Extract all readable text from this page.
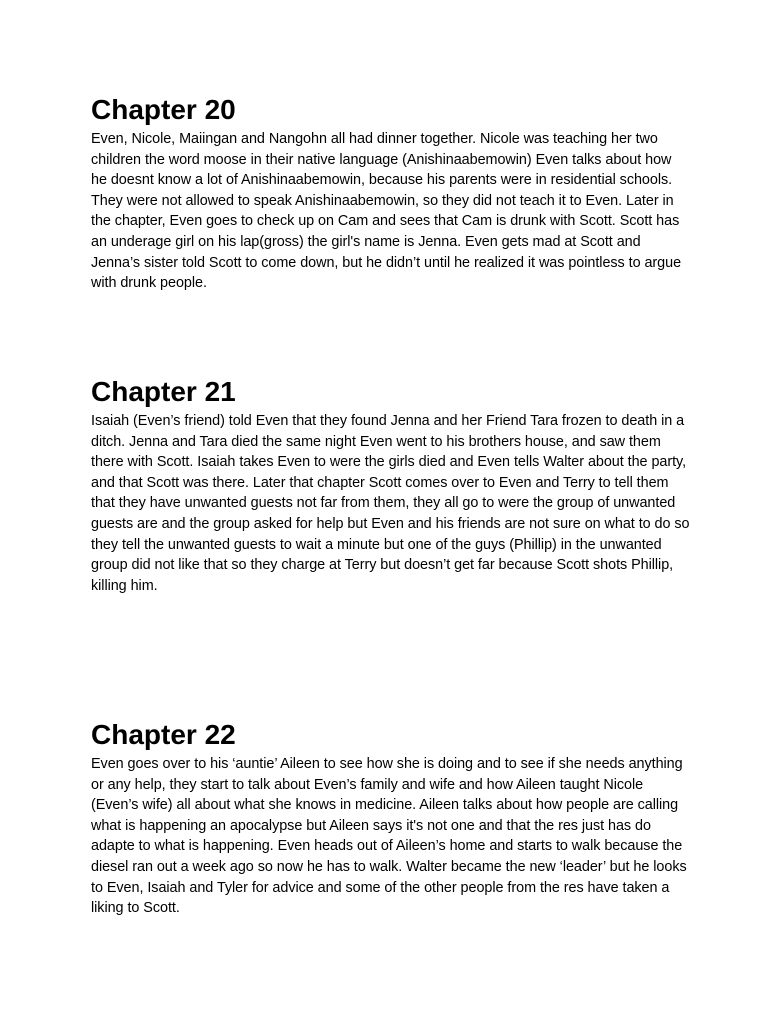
Chapter 20

Even, Nicole, Maiingan and Nangohn all had dinner together. Nicole was teaching her two children the word moose in their native language (Anishinaabemowin) Even talks about how he doesnt know a lot of Anishinaabemowin, because his parents were in residential schools. They were not allowed to speak Anishinaabemowin, so they did not teach it to Even. Later in the chapter, Even goes to check up on Cam and sees that Cam is drunk with Scott. Scott has an underage girl on his lap(gross) the girl's name is Jenna. Even gets mad at Scott and Jenna’s sister told Scott to come down, but he didn’t until he realized it was pointless to argue with drunk people.

Chapter 21

Isaiah (Even’s friend) told Even that they found Jenna and her Friend Tara frozen to death in a ditch. Jenna and Tara died the same night Even went to his brothers house, and saw them there with Scott. Isaiah takes Even to were the girls died and Even tells Walter about the party, and that Scott was there. Later that chapter Scott comes over to Even and Terry to tell them that they have unwanted guests not far from them, they all go to were the group of unwanted guests are and the group asked for help but Even and his friends are not sure on what to do so they tell the unwanted guests to wait a minute but one of the guys (Phillip) in the unwanted group did not like that so they charge at Terry but doesn’t get far because Scott shots Phillip, killing him.

Chapter 22

Even goes over to his ‘auntie’ Aileen to see how she is doing and to see if she needs anything or any help, they start to talk about Even’s family and wife and how Aileen taught Nicole (Even’s wife) all about what she knows in medicine. Aileen talks about how people are calling what is happening an apocalypse but Aileen says it's not one and that the res just has do adapte to what is happening. Even heads out of Aileen’s home and starts to walk because the diesel ran out a week ago so now he has to walk. Walter became the new ‘leader’ but he looks to Even, Isaiah and Tyler for advice and some of the other people from the res have taken a liking to Scott.
